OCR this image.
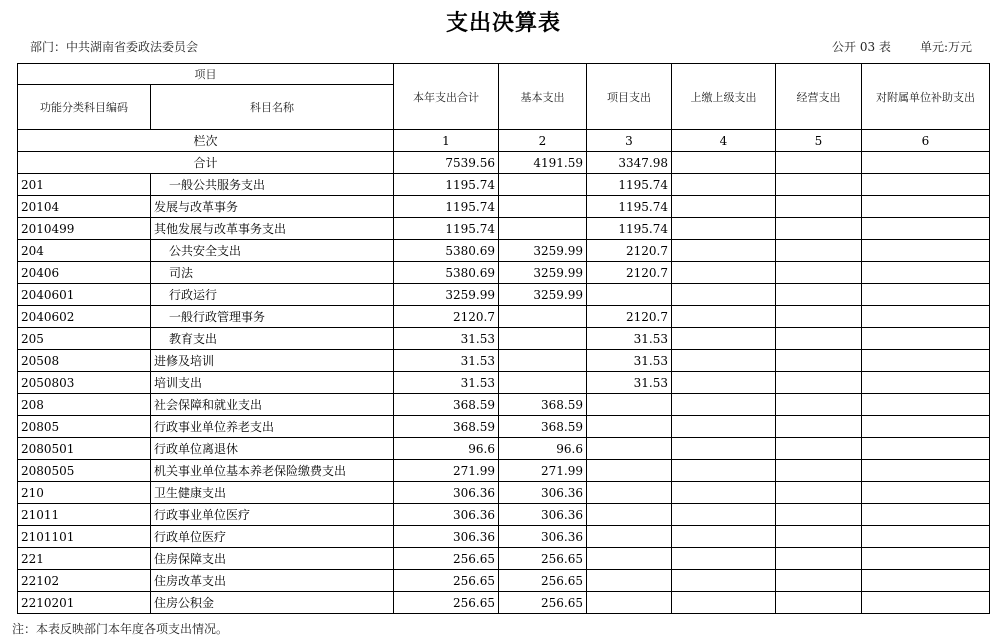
支出决算表
部门：中共湖南省委政法委员会	公开 03 表 单元:万元
项目		本年支出合计	基本支出	项目支出	上缴上级支出	经营支出	对附属单位补助支出
功能分类科目编码	科目名称						
栏次		1	2	3	4	5	6
合计		7539.56	4191.59	3347.98			
201	一般公共服务支出	1195.74		1195.74			
20104	发展与改革事务	1195.74		1195.74			
2010499	其他发展与改革事务支出	1195.74		1195.74			
204	公共安全支出	5380.69	3259.99	2120.7			
20406	司法	5380.69	3259.99	2120.7			
2040601	行政运行	3259.99	3259.99				
2040602	一般行政管理事务	2120.7		2120.7			
205	教育支出	31.53		31.53			
20508	进修及培训	31.53		31.53			
2050803	培训支出	31.53		31.53			
208	社会保障和就业支出	368.59	368.59				
20805	行政事业单位养老支出	368.59	368.59				
2080501	行政单位离退休	96.6	96.6				
2080505	机关事业单位基本养老保险缴费支出	271.99	271.99				
210	卫生健康支出	306.36	306.36				
21011	行政事业单位医疗	306.36	306.36				
2101101	行政单位医疗	306.36	306.36				
221	住房保障支出	256.65	256.65				
22102	住房改革支出	256.65	256.65				
2210201	住房公积金	256.65	256.65				
注：本表反映部门本年度各项支出情况。
